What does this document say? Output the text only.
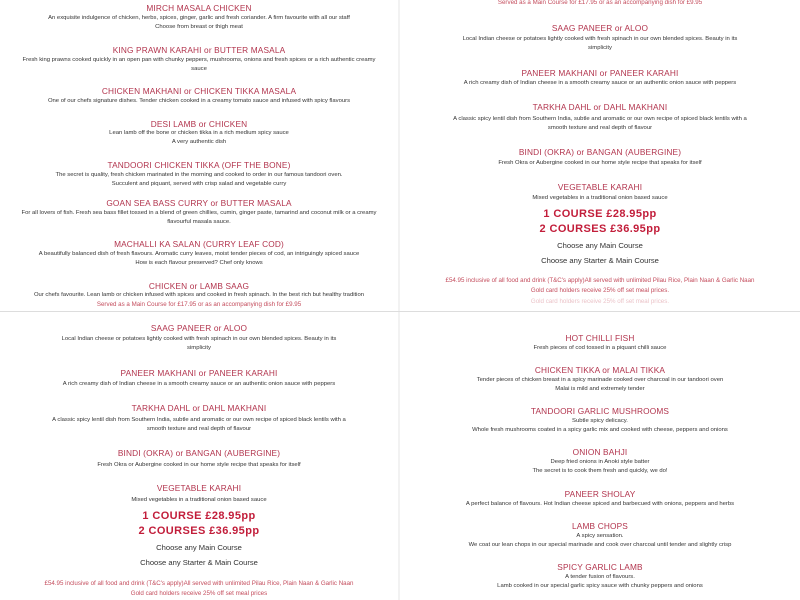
MIRCH MASALA CHICKEN
An exquisite indulgence of chicken, herbs, spices, ginger, garlic and fresh coriander. A firm favourite with all our staff
Choose from breast or thigh meat
KING PRAWN KARAHI or BUTTER MASALA
Fresh king prawns cooked quickly in an open pan with chunky peppers, mushrooms, onions and fresh spices or a rich authentic creamy
sauce
CHICKEN MAKHANI or CHICKEN TIKKA MASALA
One of our chefs signature dishes. Tender chicken cooked in a creamy tomato sauce and infused with spicy flavours
DESI LAMB or CHICKEN
Lean lamb off the bone or chicken tikka in a rich medium spicy sauce
A very authentic dish
TANDOORI CHICKEN TIKKA (OFF THE BONE)
The secret is quality, fresh chicken marinated in the morning and cooked to order in our famous tandoori oven.
Succulent and piquant, served with crisp salad and vegetable curry
GOAN SEA BASS CURRY or BUTTER MASALA
For all lovers of fish. Fresh sea bass fillet tossed in a blend of green chillies, cumin, ginger paste, tamarind and coconut milk or a creamy
flavourful masala sauce.
MACHALLI KA SALAN (CURRY LEAF COD)
A beautifully balanced dish of fresh flavours. Aromatic curry leaves, moist tender pieces of cod, an intriguingly spiced sauce
How is each flavour preserved? Chef only knows
CHICKEN or LAMB SAAG
Our chefs favourite. Lean lamb or chicken infused with spices and cooked in fresh spinach. In the best rich but healthy tradition
Served as a Main Course for £17.95 or as an accompanying dish for £9.95
Served as a Main Course for £17.95 or as an accompanying dish for £9.95
SAAG PANEER or ALOO
Local Indian cheese or potatoes lightly cooked with fresh spinach in our own blended spices. Beauty in its
simplicity
PANEER MAKHANI or PANEER KARAHI
A rich creamy dish of Indian cheese in a smooth creamy sauce or an authentic onion sauce with peppers
TARKHA DAHL or DAHL MAKHANI
A classic spicy lentil dish from Southern India, subtle and aromatic or our own recipe of spiced black lentils with a
smooth texture and real depth of flavour
BINDI (OKRA) or BANGAN (AUBERGINE)
Fresh Okra or Aubergine cooked in our home style recipe that speaks for itself
VEGETABLE KARAHI
Mixed vegetables in a traditional onion based sauce
1 COURSE £28.95pp
2 COURSES £36.95pp
Choose any Main Course
Choose any Starter & Main Course
£54.95 inclusive of all food and drink (T&C's apply)All served with unlimited Pilau Rice, Plain Naan & Garlic Naan
Gold card holders receive 25% off set meal prices.
Gold card holders receive 25% off set meal prices.
SAAG PANEER or ALOO
Local Indian cheese or potatoes lightly cooked with fresh spinach in our own blended spices. Beauty in its
simplicity
PANEER MAKHANI or PANEER KARAHI
A rich creamy dish of Indian cheese in a smooth creamy sauce or an authentic onion sauce with peppers
TARKHA DAHL or DAHL MAKHANI
A classic spicy lentil dish from Southern India, subtle and aromatic or our own recipe of spiced black lentils with a
smooth texture and real depth of flavour
BINDI (OKRA) or BANGAN (AUBERGINE)
Fresh Okra or Aubergine cooked in our home style recipe that speaks for itself
VEGETABLE KARAHI
Mixed vegetables in a traditional onion based sauce
1 COURSE £28.95pp
2 COURSES £36.95pp
Choose any Main Course
Choose any Starter & Main Course
£54.95 inclusive of all food and drink (T&C's apply)All served with unlimited Pilau Rice, Plain Naan & Garlic Naan
Gold card holders receive 25% off set meal prices
HOT CHILLI FISH
Fresh pieces of cod tossed in a piquant chilli sauce
CHICKEN TIKKA or MALAI TIKKA
Tender pieces of chicken breast in a spicy marinade cooked over charcoal in our tandoori oven
Malai is mild and extremely tender
TANDOORI GARLIC MUSHROOMS
Subtle spicy delicacy.
Whole fresh mushrooms coated in a spicy garlic mix and cooked with cheese, peppers and onions
ONION BAHJI
Deep fried onions in Anoki style batter
The secret is to cook them fresh and quickly, we do!
PANEER SHOLAY
A perfect balance of flavours. Hot Indian cheese spiced and barbecued with onions, peppers and herbs
LAMB CHOPS
A spicy sensation.
We coat our lean chops in our special marinade and cook over charcoal until tender and slightly crisp
SPICY GARLIC LAMB
A tender fusion of flavours.
Lamb cooked in our special garlic spicy sauce with chunky peppers and onions
